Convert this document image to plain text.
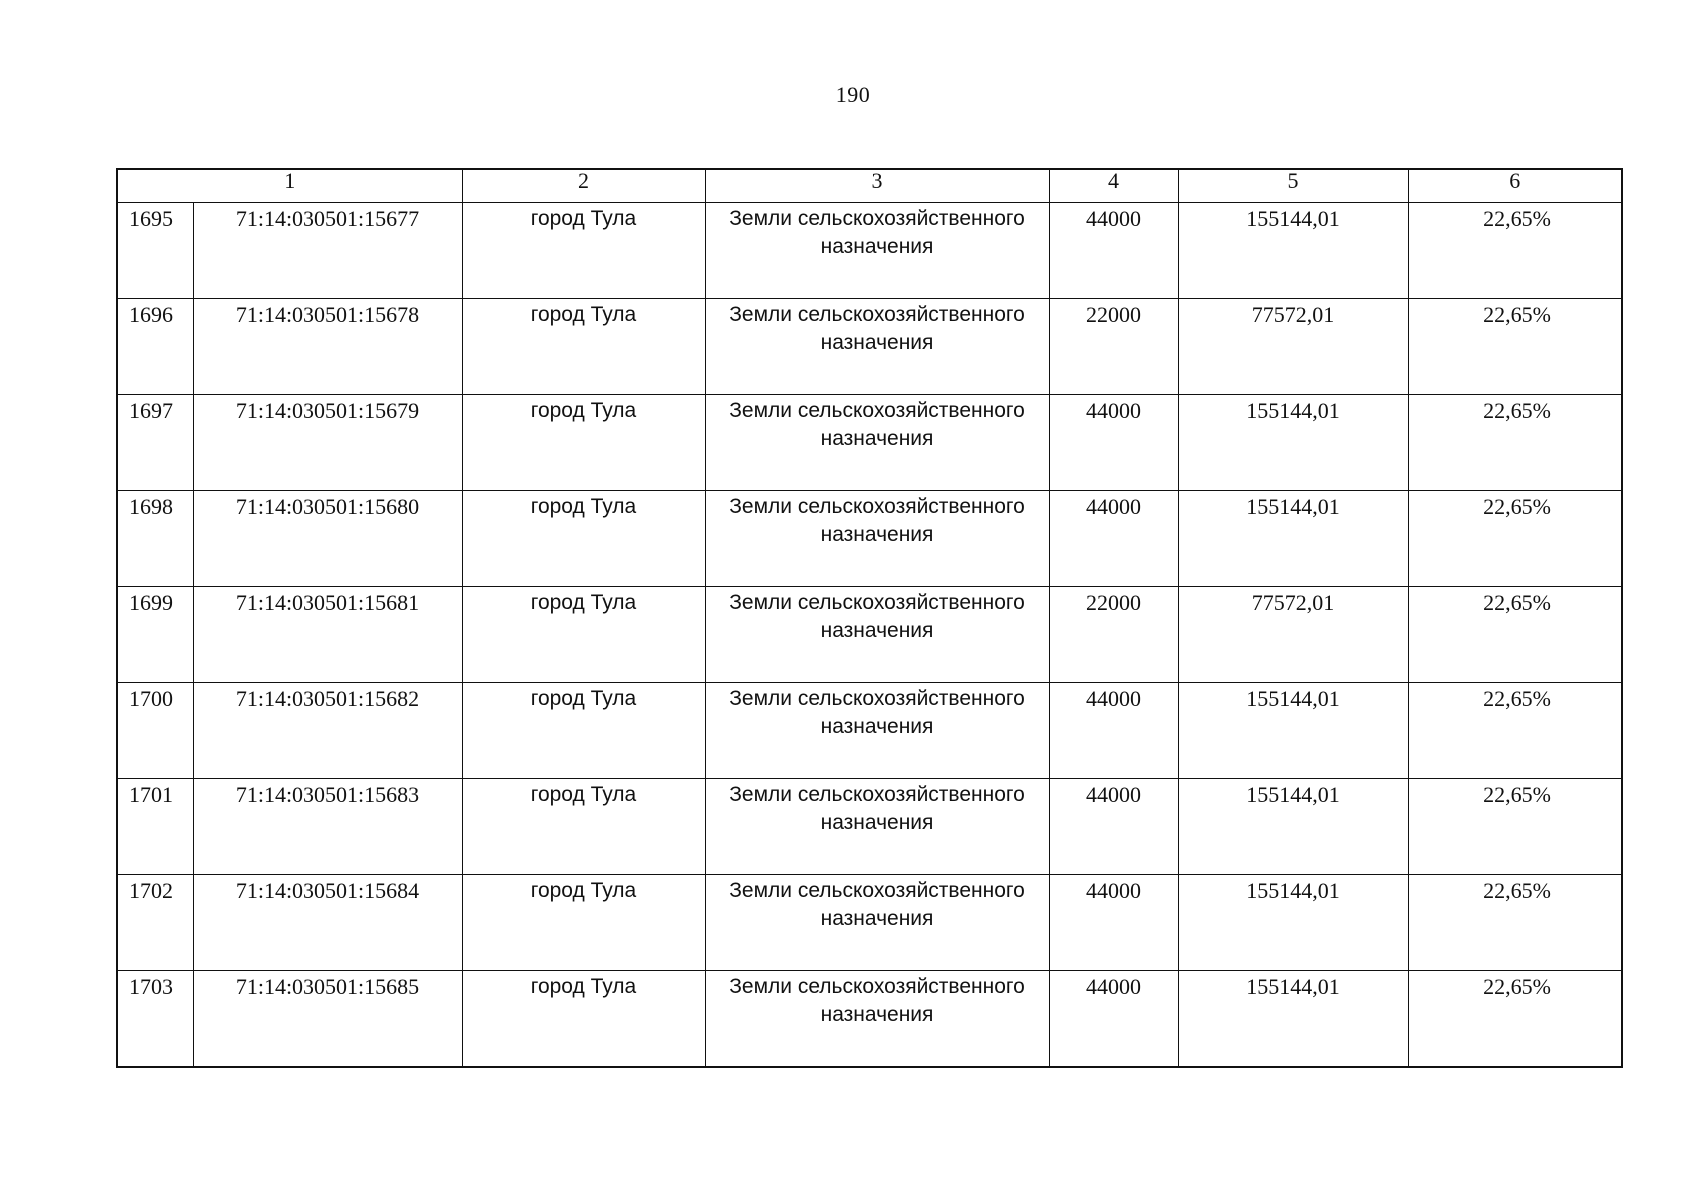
190
1		2	3	4	5	6
1695	71:14:030501:15677	город Тула	Земли сельскохозяйственного назначения	44000	155144,01	22,65%
1696	71:14:030501:15678	город Тула	Земли сельскохозяйственного назначения	22000	77572,01	22,65%
1697	71:14:030501:15679	город Тула	Земли сельскохозяйственного назначения	44000	155144,01	22,65%
1698	71:14:030501:15680	город Тула	Земли сельскохозяйственного назначения	44000	155144,01	22,65%
1699	71:14:030501:15681	город Тула	Земли сельскохозяйственного назначения	22000	77572,01	22,65%
1700	71:14:030501:15682	город Тула	Земли сельскохозяйственного назначения	44000	155144,01	22,65%
1701	71:14:030501:15683	город Тула	Земли сельскохозяйственного назначения	44000	155144,01	22,65%
1702	71:14:030501:15684	город Тула	Земли сельскохозяйственного назначения	44000	155144,01	22,65%
1703	71:14:030501:15685	город Тула	Земли сельскохозяйственного назначения	44000	155144,01	22,65%
